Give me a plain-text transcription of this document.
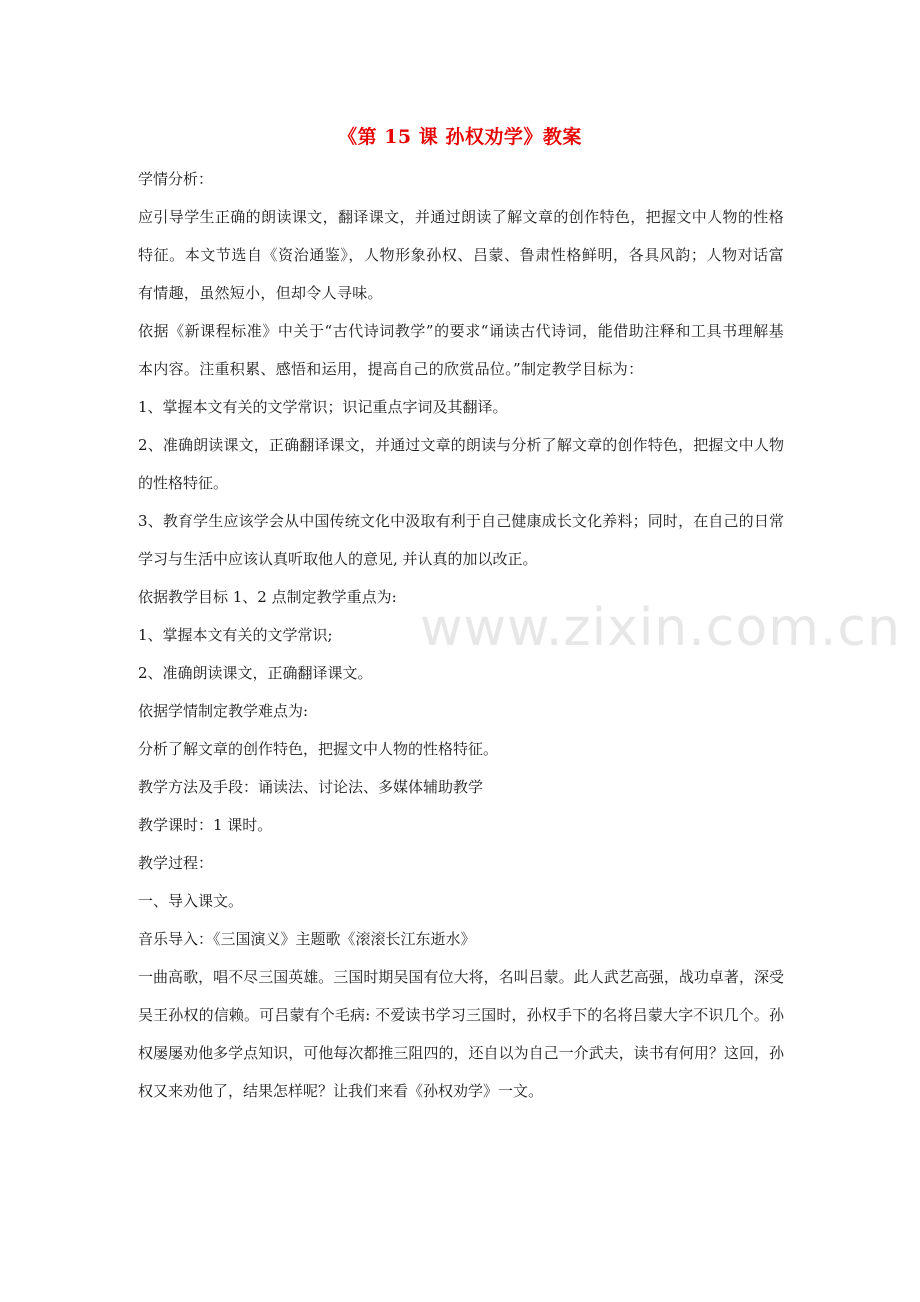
《第 15 课 孙权劝学》教案
学情分析：
应引导学生正确的朗读课文，翻译课文，并通过朗读了解文章的创作特色，把握文中人物的性格特征。本文节选自《资治通鉴》，人物形象孙权、吕蒙、鲁肃性格鲜明，各具风韵；人物对话富有情趣，虽然短小，但却令人寻味。
依据《新课程标准》中关于“古代诗词教学”的要求“诵读古代诗词，能借助注释和工具书理解基本内容。注重积累、感悟和运用，提高自己的欣赏品位。”制定教学目标为：
1、掌握本文有关的文学常识；识记重点字词及其翻译。
2、准确朗读课文，正确翻译课文，并通过文章的朗读与分析了解文章的创作特色，把握文中人物的性格特征。
3、教育学生应该学会从中国传统文化中汲取有利于自己健康成长文化养料；同时，在自己的日常学习与生活中应该认真听取他人的意见, 并认真的加以改正。
依据教学目标 1、2 点制定教学重点为:
1、掌握本文有关的文学常识;
2、准确朗读课文，正确翻译课文。
依据学情制定教学难点为:
分析了解文章的创作特色，把握文中人物的性格特征。
教学方法及手段：诵读法、讨论法、多媒体辅助教学
教学课时：1 课时。
教学过程：
一、导入课文。
音乐导入：《三国演义》主题歌《滚滚长江东逝水》
一曲高歌，唱不尽三国英雄。三国时期吴国有位大将，名叫吕蒙。此人武艺高强，战功卓著，深受吴王孙权的信赖。可吕蒙有个毛病: 不爱读书学习三国时，孙权手下的名将吕蒙大字不识几个。孙权屡屡劝他多学点知识，可他每次都推三阻四的，还自以为自己一介武夫，读书有何用？这回，孙权又来劝他了，结果怎样呢？让我们来看《孙权劝学》一文。
www.zixin.com.cn
